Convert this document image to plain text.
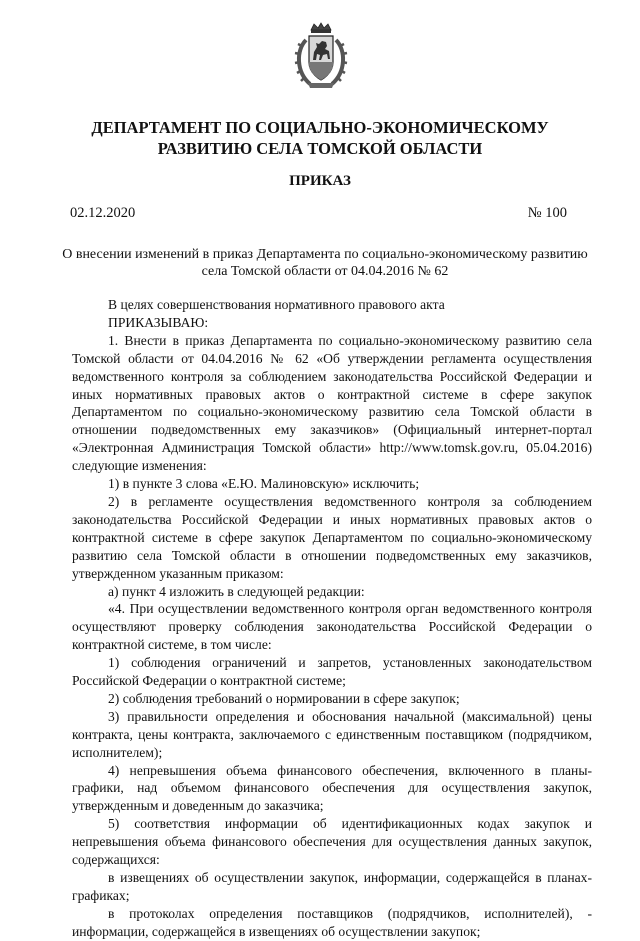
ДЕПАРТАМЕНТ ПО СОЦИАЛЬНО-ЭКОНОМИЧЕСКОМУ
РАЗВИТИЮ СЕЛА ТОМСКОЙ ОБЛАСТИ
ПРИКАЗ
02.12.2020	№ 100
О внесении изменений в приказ Департамента по социально-экономическому развитию
села Томской области от 04.04.2016 № 62

В целях совершенствования нормативного правового акта

ПРИКАЗЫВАЮ:

1. Внести в приказ Департамента по социально-экономическому развитию села Томской области от 04.04.2016 № 62 «Об утверждении регламента осуществления ведомственного контроля за соблюдением законодательства Российской Федерации и иных нормативных правовых актов о контрактной системе в сфере закупок Департаментом по социально-экономическому развитию села Томской области в отношении подведомственных ему заказчиков» (Официальный интернет-портал «Электронная Администрация Томской области» http://www.tomsk.gov.ru, 05.04.2016) следующие изменения:

1) в пункте 3 слова «Е.Ю. Малиновскую» исключить;

2) в регламенте осуществления ведомственного контроля за соблюдением законодательства Российской Федерации и иных нормативных правовых актов о контрактной системе в сфере закупок Департаментом по социально-экономическому развитию села Томской области в отношении подведомственных ему заказчиков, утвержденном указанным приказом:

а) пункт 4 изложить в следующей редакции:

«4. При осуществлении ведомственного контроля орган ведомственного контроля осуществляют проверку соблюдения законодательства Российской Федерации о контрактной системе, в том числе:

1) соблюдения ограничений и запретов, установленных законодательством Российской Федерации о контрактной системе;

2) соблюдения требований о нормировании в сфере закупок;

3) правильности определения и обоснования начальной (максимальной) цены контракта, цены контракта, заключаемого с единственным поставщиком (подрядчиком, исполнителем);

4) непревышения объема финансового обеспечения, включенного в планы-графики, над объемом финансового обеспечения для осуществления закупок, утвержденным и доведенным до заказчика;

5) соответствия информации об идентификационных кодах закупок и непревышения объема финансового обеспечения для осуществления данных закупок, содержащихся:

в извещениях об осуществлении закупок, информации, содержащейся в планах-графиках;

в протоколах определения поставщиков (подрядчиков, исполнителей), - информации, содержащейся в извещениях об осуществлении закупок;
